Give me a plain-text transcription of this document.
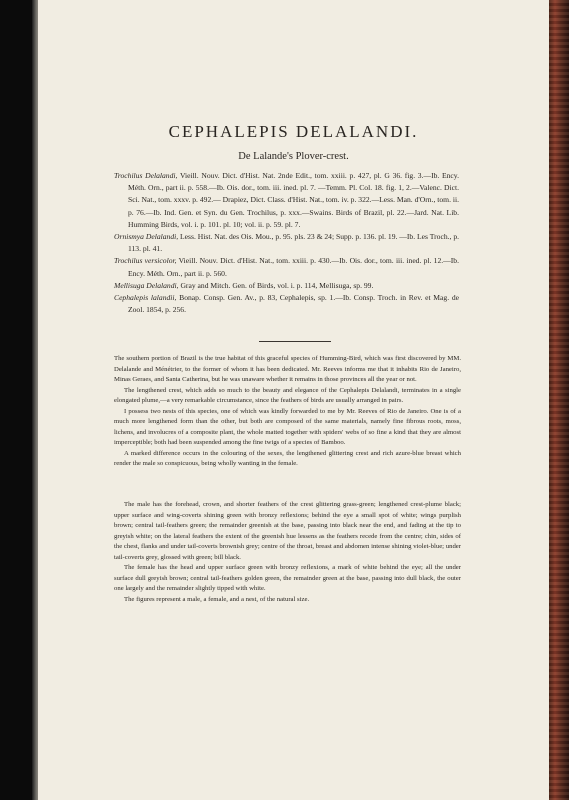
CEPHALEPIS DELALANDI.
De Lalande's Plover-crest.

Trochilus Delalandi, Vieill. Nouv. Dict. d'Hist. Nat. 2nde Edit., tom. xxiii. p. 427, pl. G 36. fig. 3.—Ib. Ency. Méth. Orn., part ii. p. 558.—Ib. Ois. dor., tom. iii. ined. pl. 7. —Temm. Pl. Col. 18. fig. 1, 2.—Valenc. Dict. Sci. Nat., tom. xxxv. p. 492.— Drapiez, Dict. Class. d'Hist. Nat., tom. iv. p. 322.—Less. Man. d'Orn., tom. ii. p. 76.—Ib. Ind. Gen. et Syn. du Gen. Trochilus, p. xxx.—Swains. Birds of Brazil, pl. 22.—Jard. Nat. Lib. Humming Birds, vol. i. p. 101. pl. 10; vol. ii. p. 59. pl. 7.

Ornismya Delalandi, Less. Hist. Nat. des Ois. Mou., p. 95. pls. 23 & 24; Supp. p. 136. pl. 19. —Ib. Les Troch., p. 113. pl. 41.

Trochilus versicolor, Vieill. Nouv. Dict. d'Hist. Nat., tom. xxiii. p. 430.—Ib. Ois. dor., tom. iii. ined. pl. 12.—Ib. Ency. Méth. Orn., part ii. p. 560.

Mellisuga Delalandi, Gray and Mitch. Gen. of Birds, vol. i. p. 114, Mellisuga, sp. 99.

Cephalepis lalandii, Bonap. Consp. Gen. Av., p. 83, Cephalepis, sp. 1.—Ib. Consp. Troch. in Rev. et Mag. de Zool. 1854, p. 256.

The southern portion of Brazil is the true habitat of this graceful species of Humming-Bird, which was first discovered by MM. Delalande and Ménétrier, to the former of whom it has been dedicated. Mr. Reeves informs me that it inhabits Rio de Janeiro, Minas Geraes, and Santa Catherina, but he was unaware whether it remains in those provinces all the year or not.

The lengthened crest, which adds so much to the beauty and elegance of the Cephalepis Delalandi, terminates in a single elongated plume,—a very remarkable circumstance, since the feathers of birds are usually arranged in pairs.

I possess two nests of this species, one of which was kindly forwarded to me by Mr. Reeves of Rio de Janeiro. One is of a much more lengthened form than the other, but both are composed of the same materials, namely fine fibrous roots, moss, lichens, and involucres of a composite plant, the whole matted together with spiders' webs of so fine a kind that they are almost imperceptible; both had been suspended among the fine twigs of a species of Bamboo.

A marked difference occurs in the colouring of the sexes, the lengthened glittering crest and rich azure-blue breast which render the male so conspicuous, being wholly wanting in the female.

The male has the forehead, crown, and shorter feathers of the crest glittering grass-green; lengthened crest-plume black; upper surface and wing-coverts shining green with bronzy reflexions; behind the eye a small spot of white; wings purplish brown; central tail-feathers green; the remainder greenish at the base, passing into black near the end, and fading at the tip to greyish white; on the lateral feathers the extent of the greenish hue lessens as the feathers recede from the centre; chin, sides of the chest, flanks and under tail-coverts brownish grey; centre of the throat, breast and abdomen intense shining violet-blue; under tail-coverts grey, glossed with green; bill black.

The female has the head and upper surface green with bronzy reflexions, a mark of white behind the eye; all the under surface dull greyish brown; central tail-feathers golden green, the remainder green at the base, passing into dull black, the outer one largely and the remainder slightly tipped with white.

The figures represent a male, a female, and a nest, of the natural size.
